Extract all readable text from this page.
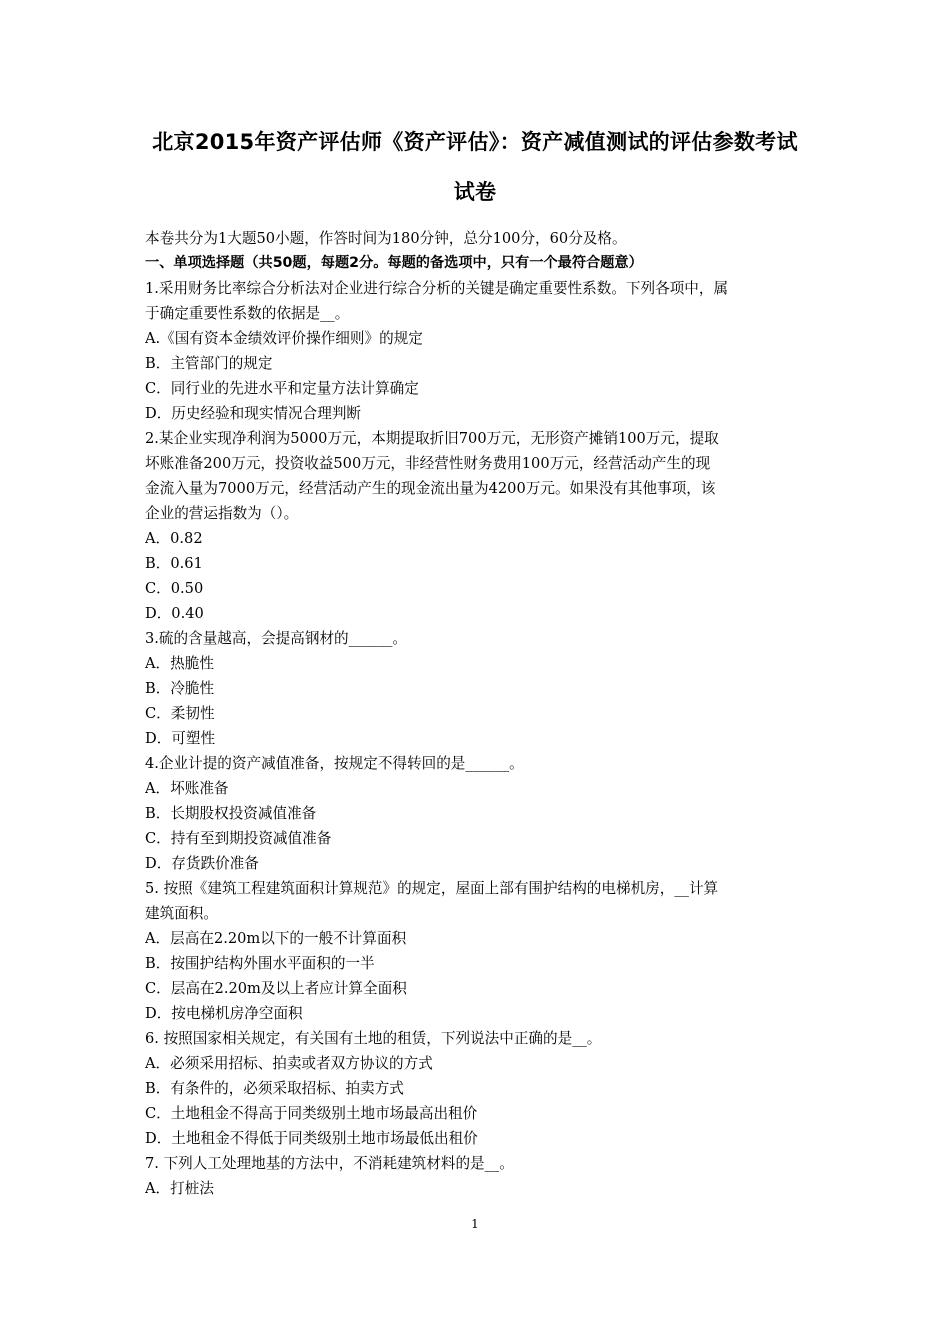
北京2015年资产评估师《资产评估》：资产减值测试的评估参数考试
试卷
本卷共分为1大题50小题，作答时间为180分钟，总分100分，60分及格。
一、单项选择题（共50题，每题2分。每题的备选项中，只有一个最符合题意）
1.采用财务比率综合分析法对企业进行综合分析的关键是确定重要性系数。下列各项中，属
于确定重要性系数的依据是__。
A.《国有资本金绩效评价操作细则》的规定
B．主管部门的规定
C．同行业的先进水平和定量方法计算确定
D．历史经验和现实情况合理判断
2.某企业实现净利润为5000万元，本期提取折旧700万元，无形资产摊销100万元，提取
坏账准备200万元，投资收益500万元，非经营性财务费用100万元，经营活动产生的现
金流入量为7000万元，经营活动产生的现金流出量为4200万元。如果没有其他事项，该
企业的营运指数为（）。
A．0.82
B．0.61
C．0.50
D．0.40
3.硫的含量越高，会提高钢材的______。
A．热脆性
B．冷脆性
C．柔韧性
D．可塑性
4.企业计提的资产减值准备，按规定不得转回的是______。
A．坏账准备
B．长期股权投资减值准备
C．持有至到期投资减值准备
D．存货跌价准备
5. 按照《建筑工程建筑面积计算规范》的规定，屋面上部有围护结构的电梯机房，__计算
建筑面积。
A．层高在2.20m以下的一般不计算面积
B．按围护结构外围水平面积的一半
C．层高在2.20m及以上者应计算全面积
D．按电梯机房净空面积
6. 按照国家相关规定，有关国有土地的租赁，下列说法中正确的是__。
A．必须采用招标、拍卖或者双方协议的方式
B．有条件的，必须采取招标、拍卖方式
C．土地租金不得高于同类级别土地市场最高出租价
D．土地租金不得低于同类级别土地市场最低出租价
7. 下列人工处理地基的方法中，不消耗建筑材料的是__。
A．打桩法
1
